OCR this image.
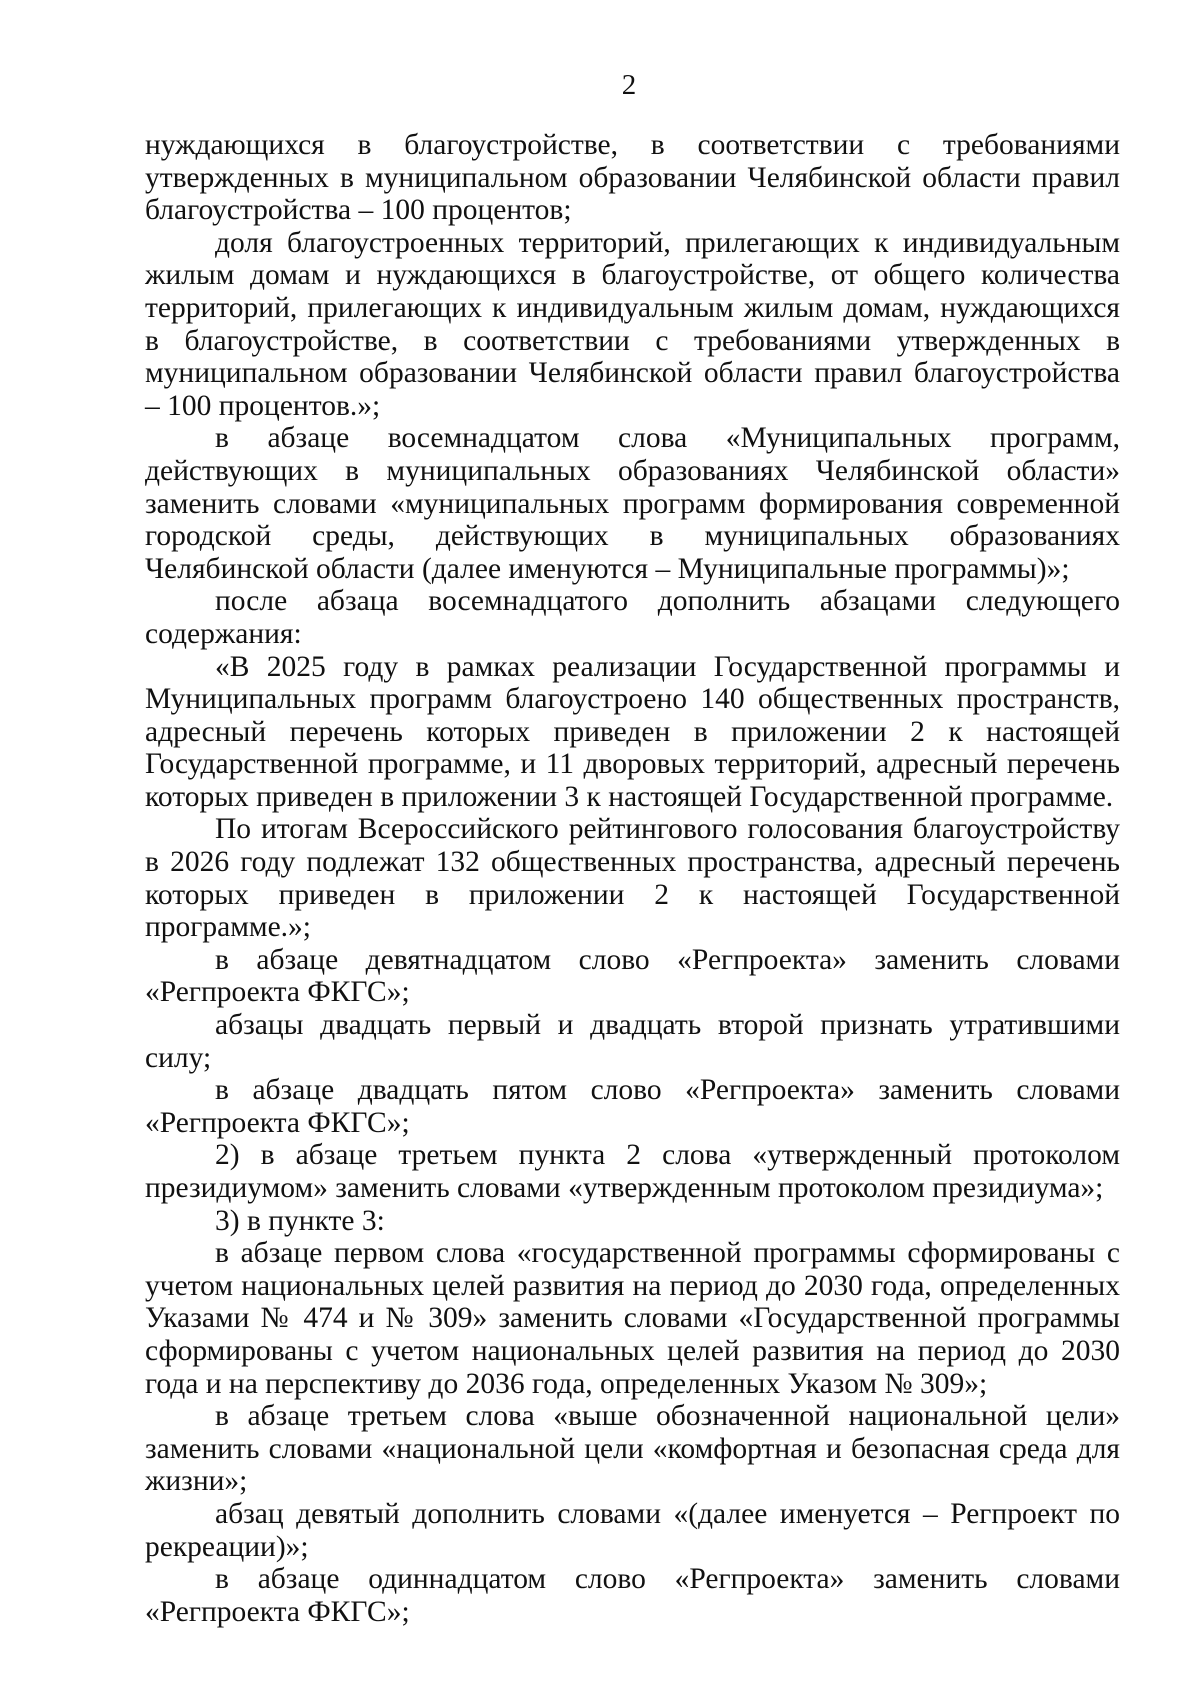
2

нуждающихся в благоустройстве, в соответствии с требованиями утвержденных в муниципальном образовании Челябинской области правил благоустройства – 100 процентов;

доля благоустроенных территорий, прилегающих к индивидуальным жилым домам и нуждающихся в благоустройстве, от общего количества территорий, прилегающих к индивидуальным жилым домам, нуждающихся в благоустройстве, в соответствии с требованиями утвержденных в муниципальном образовании Челябинской области правил благоустройства – 100 процентов.»;

в абзаце восемнадцатом слова «Муниципальных программ, действующих в муниципальных образованиях Челябинской области» заменить словами «муниципальных программ формирования современной городской среды, действующих в муниципальных образованиях Челябинской области (далее именуются – Муниципальные программы)»;

после абзаца восемнадцатого дополнить абзацами следующего содержания:

«В 2025 году в рамках реализации Государственной программы и Муниципальных программ благоустроено 140 общественных пространств, адресный перечень которых приведен в приложении 2 к настоящей Государственной программе, и 11 дворовых территорий, адресный перечень которых приведен в приложении 3 к настоящей Государственной программе.

По итогам Всероссийского рейтингового голосования благоустройству в 2026 году подлежат 132 общественных пространства, адресный перечень которых приведен в приложении 2 к настоящей Государственной программе.»;

в абзаце девятнадцатом слово «Регпроекта» заменить словами «Регпроекта ФКГС»;

абзацы двадцать первый и двадцать второй признать утратившими силу;

в абзаце двадцать пятом слово «Регпроекта» заменить словами «Регпроекта ФКГС»;

2) в абзаце третьем пункта 2 слова «утвержденный протоколом президиумом» заменить словами «утвержденным протоколом президиума»;

3) в пункте 3:

в абзаце первом слова «государственной программы сформированы с учетом национальных целей развития на период до 2030 года, определенных Указами № 474 и № 309» заменить словами «Государственной программы сформированы с учетом национальных целей развития на период до 2030 года и на перспективу до 2036 года, определенных Указом № 309»;

в абзаце третьем слова «выше обозначенной национальной цели» заменить словами «национальной цели «комфортная и безопасная среда для жизни»;

абзац девятый дополнить словами «(далее именуется – Регпроект по рекреации)»;

в абзаце одиннадцатом слово «Регпроекта» заменить словами «Регпроекта ФКГС»;
